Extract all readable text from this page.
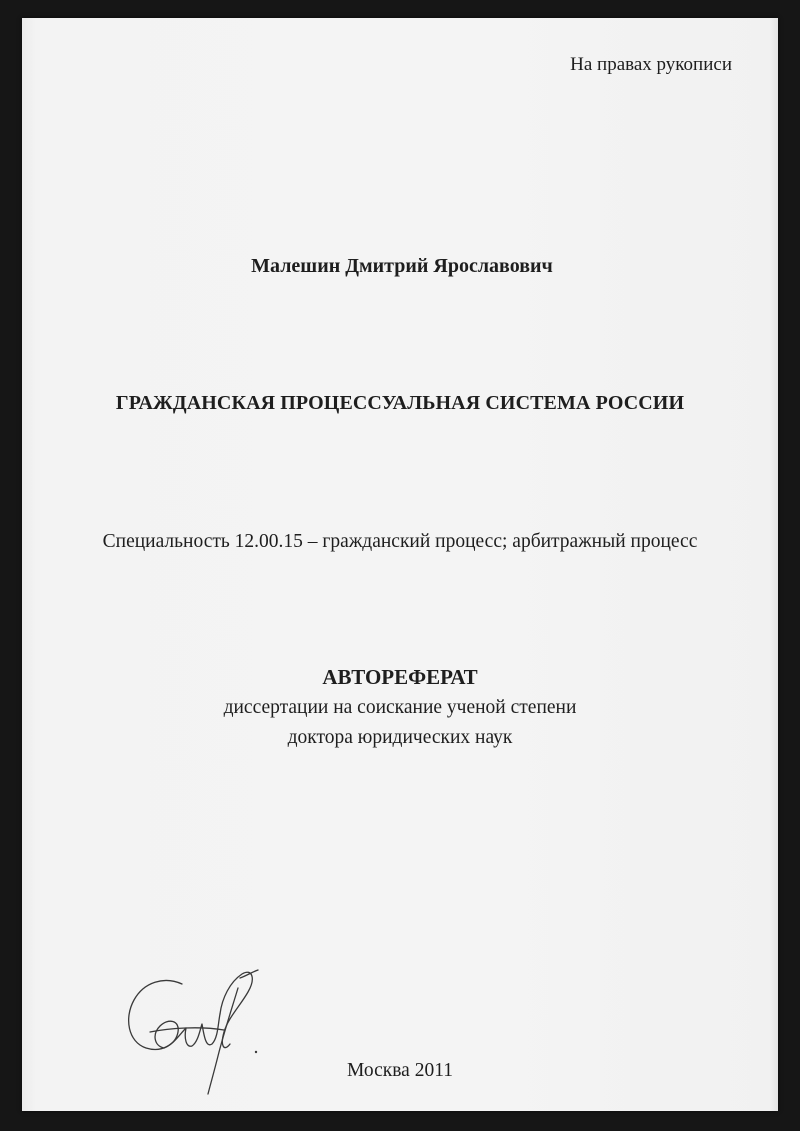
На правах рукописи
Малешин Дмитрий Ярославович
ГРАЖДАНСКАЯ ПРОЦЕССУАЛЬНАЯ СИСТЕМА РОССИИ
Специальность 12.00.15 – гражданский процесс; арбитражный процесс
АВТОРЕФЕРАТ
диссертации на соискание ученой степени
доктора юридических наук
Москва 2011
